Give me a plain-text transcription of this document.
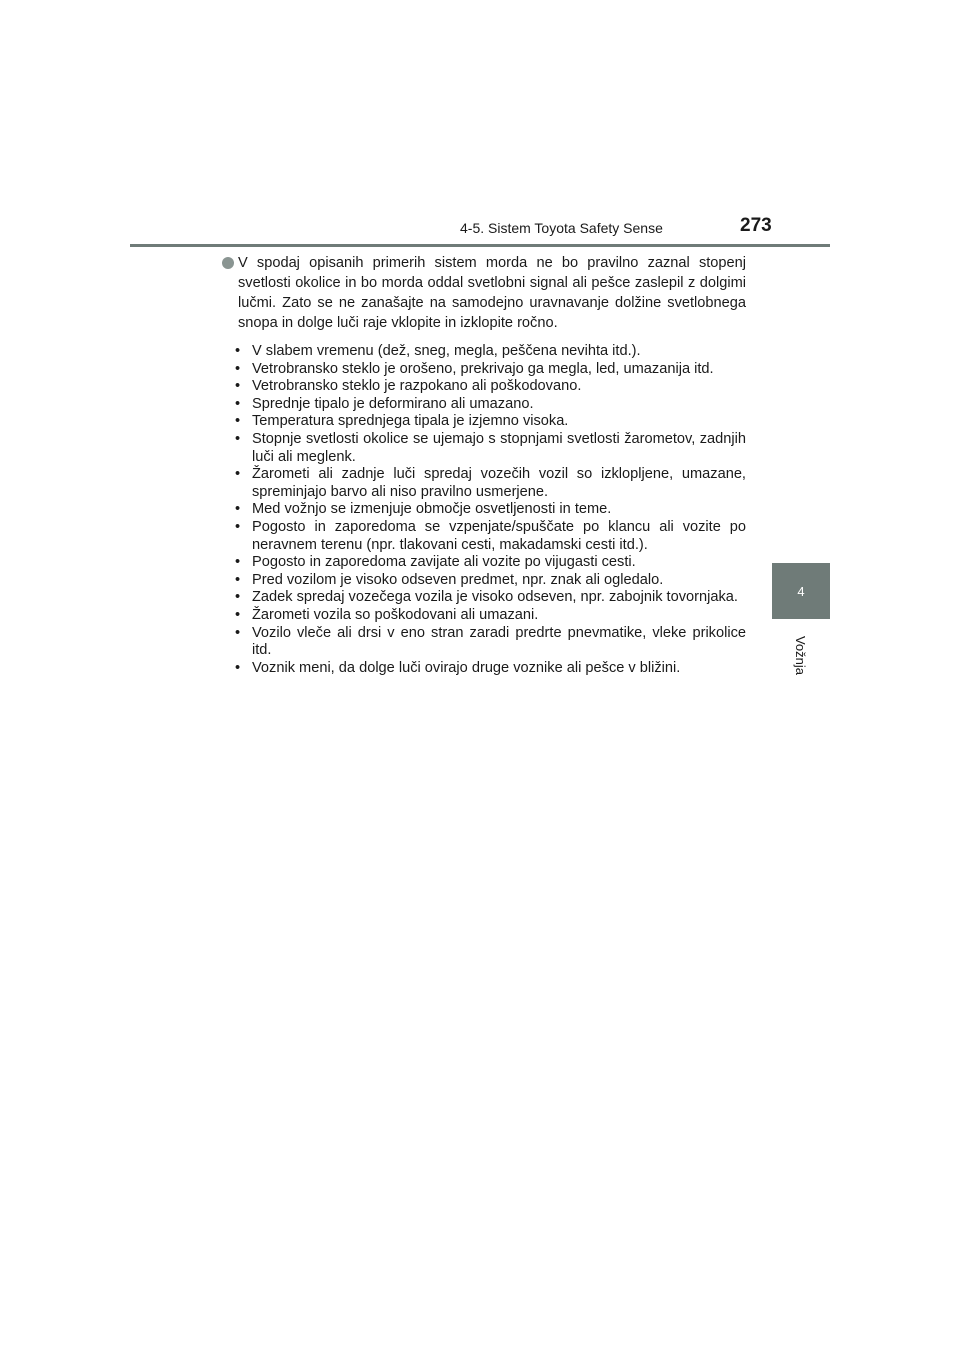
4-5. Sistem Toyota Safety Sense	273
4
Vožnja

V spodaj opisanih primerih sistem morda ne bo pravilno zaznal stopenj svetlosti okolice in bo morda oddal svetlobni signal ali pešce zaslepil z dolgimi lučmi. Zato se ne zanašajte na samodejno uravnavanje dolžine svetlobnega snopa in dolge luči raje vklopite in izklopite ročno.

• V slabem vremenu (dež, sneg, megla, peščena nevihta itd.).
• Vetrobransko steklo je orošeno, prekrivajo ga megla, led, umazanija itd.
• Vetrobransko steklo je razpokano ali poškodovano.
• Sprednje tipalo je deformirano ali umazano.
• Temperatura sprednjega tipala je izjemno visoka.
• Stopnje svetlosti okolice se ujemajo s stopnjami svetlosti žarometov, zadnjih luči ali meglenk.
• Žarometi ali zadnje luči spredaj vozečih vozil so izklopljene, umazane, spreminjajo barvo ali niso pravilno usmerjene.
• Med vožnjo se izmenjuje območje osvetljenosti in teme.
• Pogosto in zaporedoma se vzpenjate/spuščate po klancu ali vozite po neravnem terenu (npr. tlakovani cesti, makadamski cesti itd.).
• Pogosto in zaporedoma zavijate ali vozite po vijugasti cesti.
• Pred vozilom je visoko odseven predmet, npr. znak ali ogledalo.
• Zadek spredaj vozečega vozila je visoko odseven, npr. zabojnik tovornjaka.
• Žarometi vozila so poškodovani ali umazani.
• Vozilo vleče ali drsi v eno stran zaradi predrte pnevmatike, vleke prikolice itd.
• Voznik meni, da dolge luči ovirajo druge voznike ali pešce v bližini.
